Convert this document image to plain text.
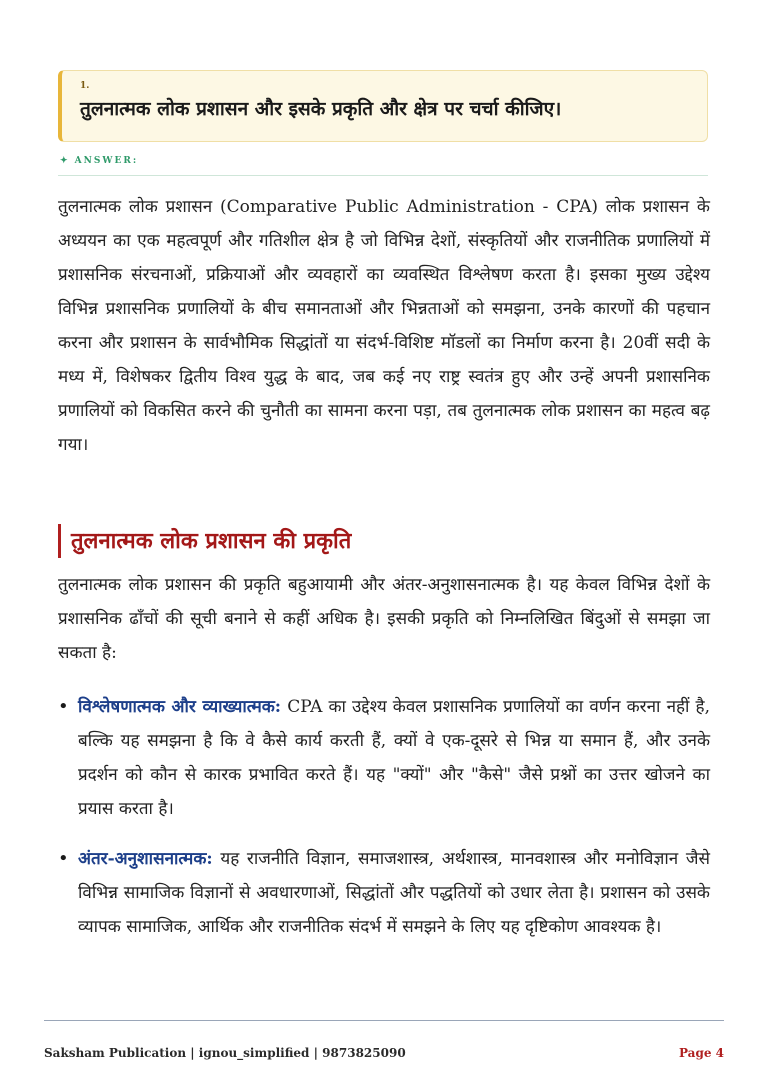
1.
तुलनात्मक लोक प्रशासन और इसके प्रकृति और क्षेत्र पर चर्चा कीजिए।
✦ ANSWER:
तुलनात्मक लोक प्रशासन (Comparative Public Administration - CPA) लोक प्रशासन के अध्ययन का एक महत्वपूर्ण और गतिशील क्षेत्र है जो विभिन्न देशों, संस्कृतियों और राजनीतिक प्रणालियों में प्रशासनिक संरचनाओं, प्रक्रियाओं और व्यवहारों का व्यवस्थित विश्लेषण करता है। इसका मुख्य उद्देश्य विभिन्न प्रशासनिक प्रणालियों के बीच समानताओं और भिन्नताओं को समझना, उनके कारणों की पहचान करना और प्रशासन के सार्वभौमिक सिद्धांतों या संदर्भ-विशिष्ट मॉडलों का निर्माण करना है। 20वीं सदी के मध्य में, विशेषकर द्वितीय विश्व युद्ध के बाद, जब कई नए राष्ट्र स्वतंत्र हुए और उन्हें अपनी प्रशासनिक प्रणालियों को विकसित करने की चुनौती का सामना करना पड़ा, तब तुलनात्मक लोक प्रशासन का महत्व बढ़ गया।
तुलनात्मक लोक प्रशासन की प्रकृति
तुलनात्मक लोक प्रशासन की प्रकृति बहुआयामी और अंतर-अनुशासनात्मक है। यह केवल विभिन्न देशों के प्रशासनिक ढाँचों की सूची बनाने से कहीं अधिक है। इसकी प्रकृति को निम्नलिखित बिंदुओं से समझा जा सकता है:
• विश्लेषणात्मक और व्याख्यात्मक: CPA का उद्देश्य केवल प्रशासनिक प्रणालियों का वर्णन करना नहीं है, बल्कि यह समझना है कि वे कैसे कार्य करती हैं, क्यों वे एक-दूसरे से भिन्न या समान हैं, और उनके प्रदर्शन को कौन से कारक प्रभावित करते हैं। यह "क्यों" और "कैसे" जैसे प्रश्नों का उत्तर खोजने का प्रयास करता है।
• अंतर-अनुशासनात्मक: यह राजनीति विज्ञान, समाजशास्त्र, अर्थशास्त्र, मानवशास्त्र और मनोविज्ञान जैसे विभिन्न सामाजिक विज्ञानों से अवधारणाओं, सिद्धांतों और पद्धतियों को उधार लेता है। प्रशासन को उसके व्यापक सामाजिक, आर्थिक और राजनीतिक संदर्भ में समझने के लिए यह दृष्टिकोण आवश्यक है।
Saksham Publication | ignou_simplified | 9873825090	Page 4
